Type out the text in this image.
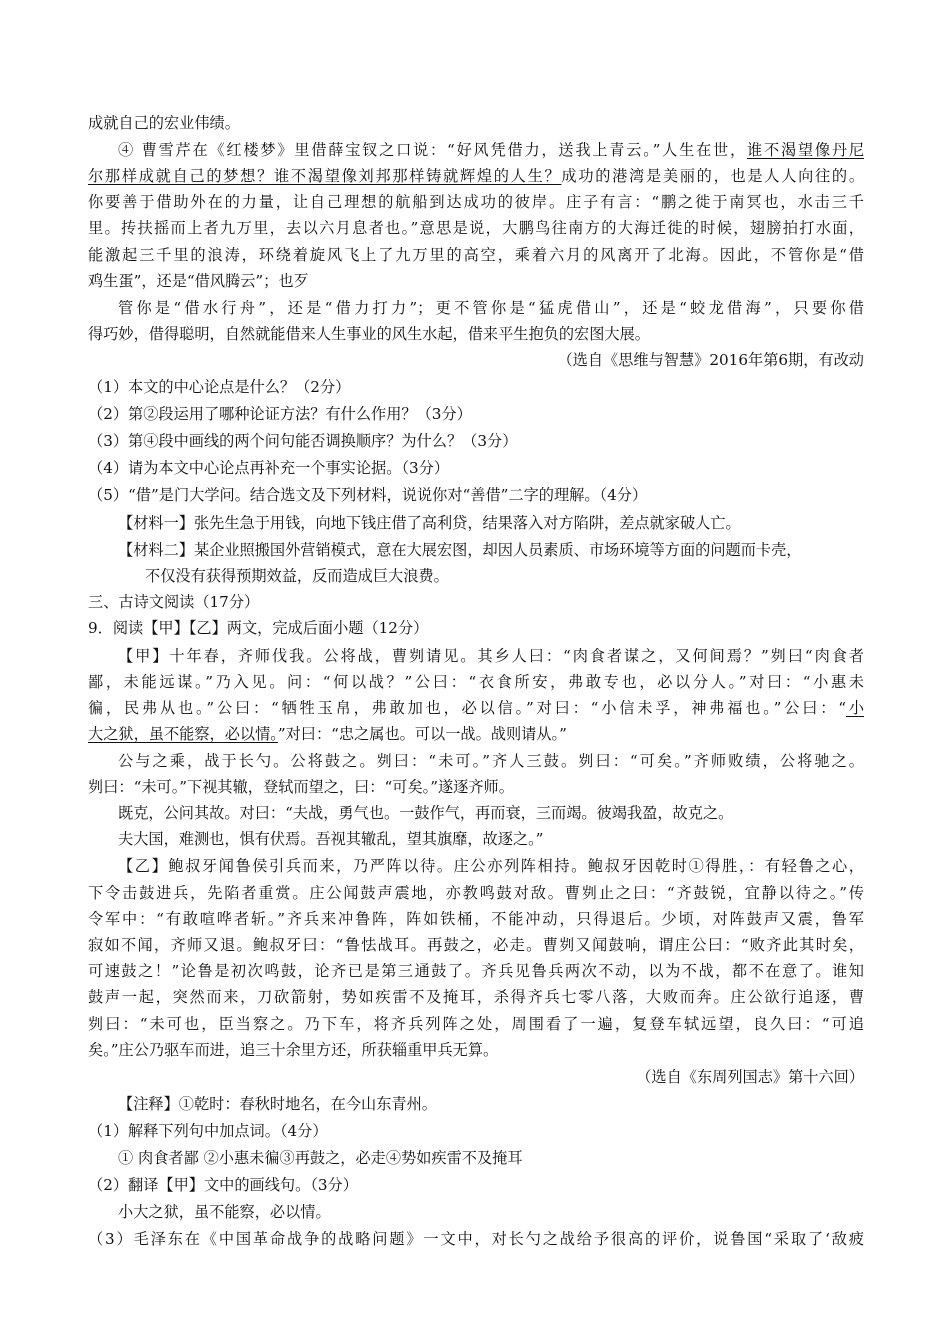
成就自己的宏业伟绩。
④ 曹雪芹在《红楼梦》里借薛宝钗之口说：“好风凭借力，送我上青云。”人生在世，谁不渴望像丹尼
尔那样成就自己的梦想？谁不渴望像刘邦那样铸就辉煌的人生？成功的港湾是美丽的，也是人人向往的。
你要善于借助外在的力量，让自己理想的航船到达成功的彼岸。庄子有言：“鹏之徙于南冥也，水击三千
里。抟扶摇而上者九万里，去以六月息者也。”意思是说，大鹏鸟往南方的大海迁徙的时候，翅膀拍打水面，
能激起三千里的浪涛，环绕着旋风飞上了九万里的高空，乘着六月的风离开了北海。因此，不管你是“借
鸡生蛋”，还是“借风腾云”；也歹
管你是“借水行舟”，还是“借力打力”；更不管你是“猛虎借山”，还是“蛟龙借海”，只要你借
得巧妙，借得聪明，自然就能借来人生事业的风生水起，借来平生抱负的宏图大展。
（选自《思维与智慧》2016年第6期，有改动
（1）本文的中心论点是什么？（2分）
（2）第②段运用了哪种论证方法？有什么作用？（3分）
（3）第④段中画线的两个问句能否调换顺序？为什么？（3分）
（4）请为本文中心论点再补充一个事实论据。（3分）
（5）“借”是门大学问。结合选文及下列材料，说说你对“善借”二字的理解。（4分）
【材料一】张先生急于用钱，向地下钱庄借了高利贷，结果落入对方陷阱，差点就家破人亡。
【材料二】某企业照搬国外营销模式，意在大展宏图，却因人员素质、市场环境等方面的问题而卡壳，
不仅没有获得预期效益，反而造成巨大浪费。
三、古诗文阅读（17分）
9．阅读【甲】【乙】两文，完成后面小题（12分）
【甲】十年春，齐师伐我。公将战，曹刿请见。其乡人曰：“肉食者谋之，又何间焉？”刿曰“肉食者
鄙，未能远谋。”乃入见。问：“何以战？”公曰：“衣食所安，弗敢专也，必以分人。”对曰：“小惠未
徧，民弗从也。”公曰：“牺牲玉帛，弗敢加也，必以信。”对曰：“小信未孚，神弗福也。”公曰：“小
大之狱，虽不能察，必以情。”对曰：“忠之属也。可以一战。战则请从。”
公与之乘，战于长勺。公将鼓之。刿曰：“未可。”齐人三鼓。刿曰：“可矣。”齐师败绩，公将驰之。
刿曰：“未可。”下视其辙，登轼而望之，曰：“可矣。”遂逐齐师。
既克，公问其故。对曰：“夫战，勇气也。一鼓作气，再而衰，三而竭。彼竭我盈，故克之。
夫大国，难测也，惧有伏焉。吾视其辙乱，望其旗靡，故逐之。”
【乙】鲍叔牙闻鲁侯引兵而来，乃严阵以待。庄公亦列阵相持。鲍叔牙因乾时①得胜，：有轻鲁之心，
下令击鼓进兵，先陷者重赏。庄公闻鼓声震地，亦教鸣鼓对敌。曹刿止之曰：“齐鼓锐，宜静以待之。”传
令军中：“有敢喧哗者斩。”齐兵来冲鲁阵，阵如铁桶，不能冲动，只得退后。少顷，对阵鼓声又震，鲁军
寂如不闻，齐师又退。鲍叔牙曰：“鲁怯战耳。再鼓之，必走。曹刿又闻鼓响，谓庄公曰：“败齐此其时矣，
可速鼓之！”论鲁是初次鸣鼓，论齐已是第三通鼓了。齐兵见鲁兵两次不动，以为不战，都不在意了。谁知
鼓声一起，突然而来，刀砍箭射，势如疾雷不及掩耳，杀得齐兵七零八落，大败而奔。庄公欲行追逐，曹
刿曰：“未可也，臣当察之。乃下车，将齐兵列阵之处，周围看了一遍，复登车轼远望，良久曰：“可追
矣。”庄公乃驱车而进，追三十余里方还，所获辎重甲兵无算。
（选自《东周列国志》第十六回）
【注释】①乾时：春秋时地名，在今山东青州。
（1）解释下列句中加点词。（4分）
① 肉食者鄙 ②小惠未徧③再鼓之，必走④势如疾雷不及掩耳
（2）翻译【甲】文中的画线句。（3分）
小大之狱，虽不能察，必以情。
（3）毛泽东在《中国革命战争的战略问题》一文中，对长勺之战给予很高的评价，说鲁国“采取了‘敌疲
